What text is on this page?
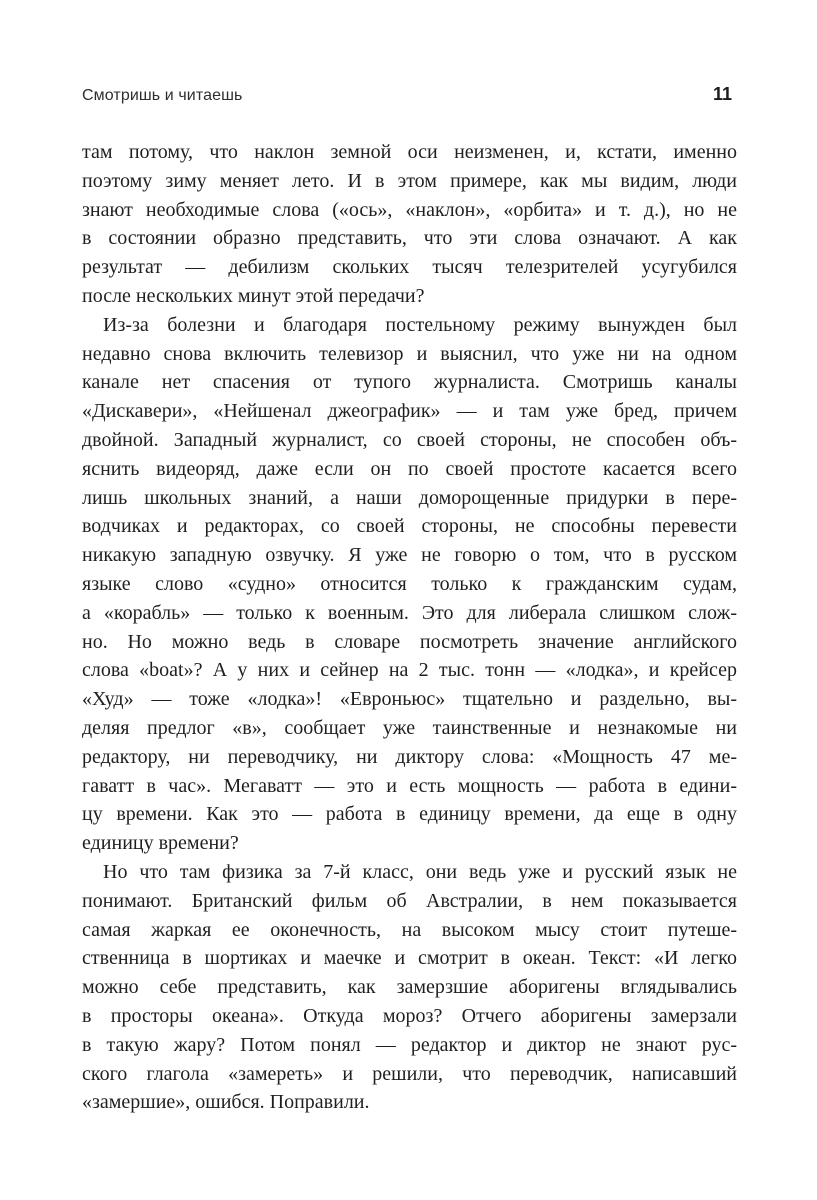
Смотришь и читаешь	11
там потому, что наклон земной оси неизменен, и, кстати, именно
поэтому зиму меняет лето. И в этом примере, как мы видим, люди
знают необходимые слова («ось», «наклон», «орбита» и т. д.), но не
в состоянии образно представить, что эти слова означают. А как
результат — дебилизм скольких тысяч телезрителей усугубился
после нескольких минут этой передачи?
Из-за болезни и благодаря постельному режиму вынужден был
недавно снова включить телевизор и выяснил, что уже ни на одном
канале нет спасения от тупого журналиста. Смотришь каналы
«Дискавери», «Нейшенал джеографик» — и там уже бред, причем
двойной. Западный журналист, со своей стороны, не способен объ-
яснить видеоряд, даже если он по своей простоте касается всего
лишь школьных знаний, а наши доморощенные придурки в пере-
водчиках и редакторах, со своей стороны, не способны перевести
никакую западную озвучку. Я уже не говорю о том, что в русском
языке слово «судно» относится только к гражданским судам,
а «корабль» — только к военным. Это для либерала слишком слож-
но. Но можно ведь в словаре посмотреть значение английского
слова «boat»? А у них и сейнер на 2 тыс. тонн — «лодка», и крейсер
«Худ» — тоже «лодка»! «Евроньюс» тщательно и раздельно, вы-
деляя предлог «в», сообщает уже таинственные и незнакомые ни
редактору, ни переводчику, ни диктору слова: «Мощность 47 ме-
гаватт в час». Мегаватт — это и есть мощность — работа в едини-
цу времени. Как это — работа в единицу времени, да еще в одну
единицу времени?
Но что там физика за 7-й класс, они ведь уже и русский язык не
понимают. Британский фильм об Австралии, в нем показывается
самая жаркая ее оконечность, на высоком мысу стоит путеше-
ственница в шортиках и маечке и смотрит в океан. Текст: «И легко
можно себе представить, как замерзшие аборигены вглядывались
в просторы океана». Откуда мороз? Отчего аборигены замерзали
в такую жару? Потом понял — редактор и диктор не знают рус-
ского глагола «замереть» и решили, что переводчик, написавший
«замершие», ошибся. Поправили.
